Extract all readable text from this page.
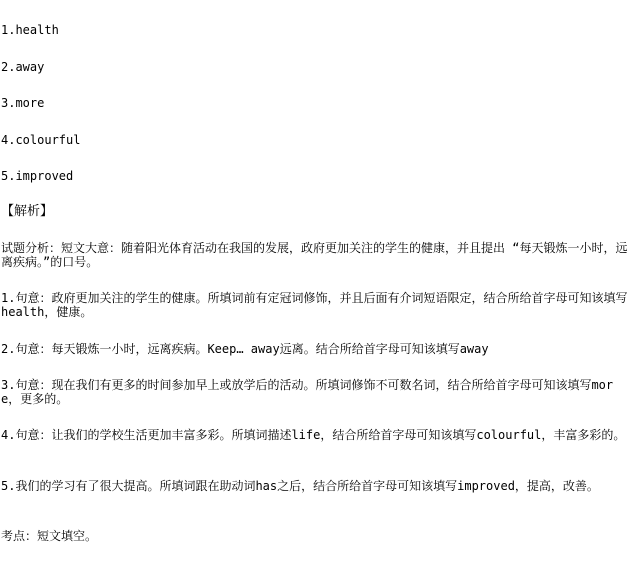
1.health
2.away
3.more
4.colourful
5.improved
【解析】
试题分析：短文大意：随着阳光体育活动在我国的发展，政府更加关注的学生的健康，并且提出 “每天锻炼一小时，远离疾病。”的口号。
1.句意：政府更加关注的学生的健康。所填词前有定冠词修饰，并且后面有介词短语限定，结合所给首字母可知该填写health，健康。
2.句意：每天锻炼一小时，远离疾病。Keep… away远离。结合所给首字母可知该填写away
3.句意：现在我们有更多的时间参加早上或放学后的活动。所填词修饰不可数名词，结合所给首字母可知该填写more，更多的。
4.句意：让我们的学校生活更加丰富多彩。所填词描述life，结合所给首字母可知该填写colourful，丰富多彩的。
5.我们的学习有了很大提高。所填词跟在助动词has之后，结合所给首字母可知该填写improved，提高，改善。
考点：短文填空。
